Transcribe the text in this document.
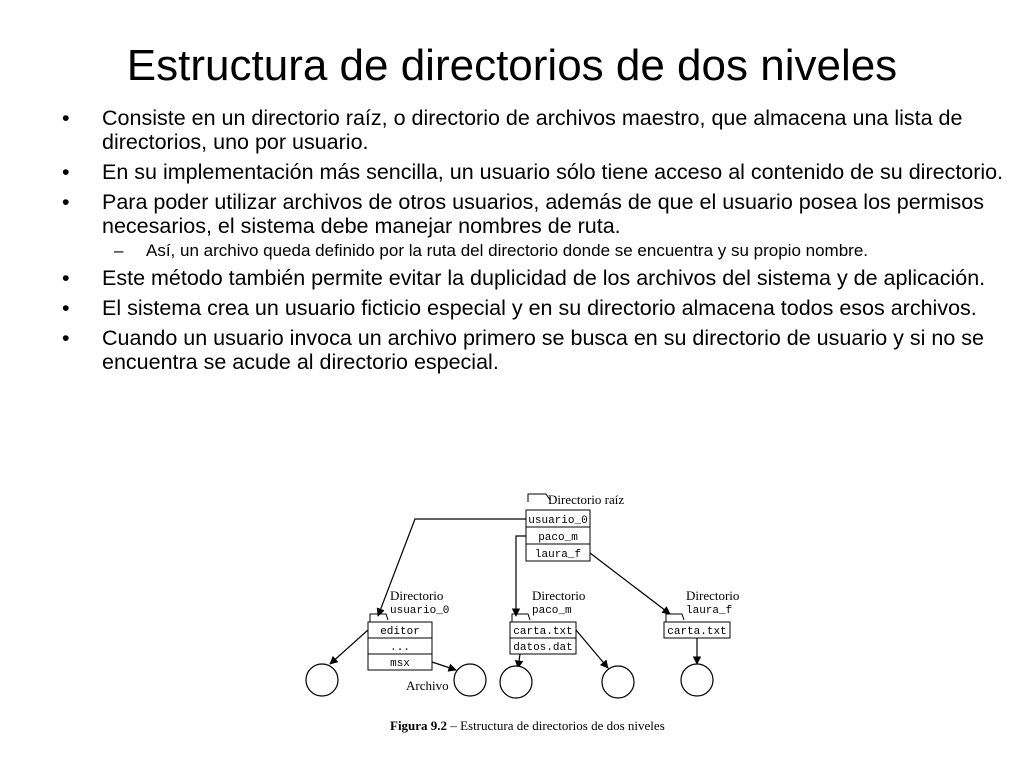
Estructura de directorios de dos niveles
• Consiste en un directorio raíz, o directorio de archivos maestro, que almacena una lista de directorios, uno por usuario.
• En su implementación más sencilla, un usuario sólo tiene acceso al contenido de su directorio.
• Para poder utilizar archivos de otros usuarios, además de que el usuario posea los permisos necesarios, el sistema debe manejar nombres de ruta.
– Así, un archivo queda definido por la ruta del directorio donde se encuentra y su propio nombre.
• Este método también permite evitar la duplicidad de los archivos del sistema y de aplicación.
• El sistema crea un usuario ficticio especial y en su directorio almacena todos esos archivos.
• Cuando un usuario invoca un archivo primero se busca en su directorio de usuario y si no se encuentra se acude al directorio especial.
Directorio raíz
usuario_0
paco_m
laura_f
Directorio
usuario_0
editor
...
msx
Directorio
paco_m
carta.txt
datos.dat
Directorio
laura_f
carta.txt
Archivo
Figura 9.2 – Estructura de directorios de dos niveles
